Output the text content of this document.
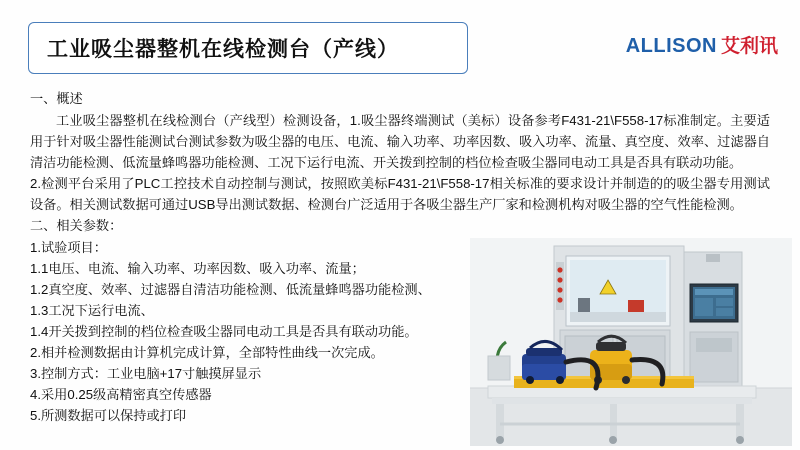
工业吸尘器整机在线检测台（产线）	ALLISON 艾利讯

一、概述

工业吸尘器整机在线检测台（产线型）检测设备，1.吸尘器终端测试（美标）设备参考F431-21\F558-17标准制定。主要适用于针对吸尘器性能测试台测试参数为吸尘器的电压、电流、输入功率、功率因数、吸入功率、流量、真空度、效率、过滤器自清洁功能检测、低流量蜂鸣器功能检测、工况下运行电流、开关拨到控制的档位检查吸尘器同电动工具是否具有联动功能。

2.检测平台采用了PLC工控技术自动控制与测试，按照欧美标F431-21\F558-17相关标准的要求设计并制造的的吸尘器专用测试设备。相关测试数据可通过USB导出测试数据、检测台广泛适用于各吸尘器生产厂家和检测机构对吸尘器的空气性能检测。

二、相关参数：

1.试验项目：

1.1电压、电流、输入功率、功率因数、吸入功率、流量；

1.2真空度、效率、过滤器自清洁功能检测、低流量蜂鸣器功能检测、

1.3工况下运行电流、

1.4开关拨到控制的档位检查吸尘器同电动工具是否具有联动功能。

2.相并检测数据由计算机完成计算，全部特性曲线一次完成。

3.控制方式：工业电脑+17寸触摸屏显示

4.采用0.25级高精密真空传感器

5.所测数据可以保持或打印
